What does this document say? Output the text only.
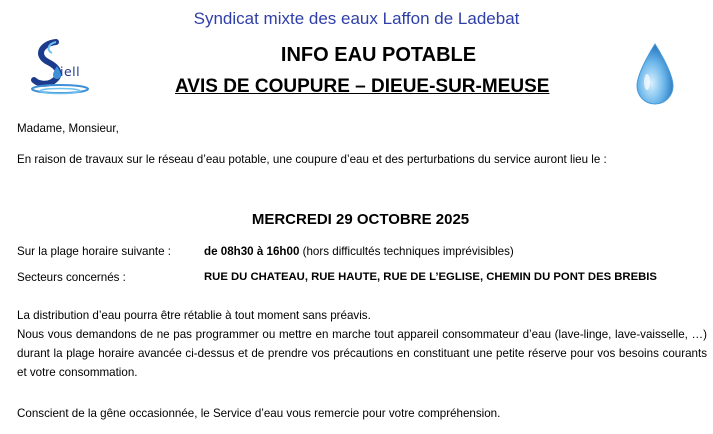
Syndicat mixte des eaux Laffon de Ladebat
iell
INFO EAU POTABLE
AVIS DE COUPURE – DIEUE-SUR-MEUSE
Madame, Monsieur,
En raison de travaux sur le réseau d’eau potable, une coupure d’eau et des perturbations du service auront lieu le :
MERCREDI 29 OCTOBRE 2025
Sur la plage horaire suivante :	de 08h30 à 16h00 (hors difficultés techniques imprévisibles)
Secteurs concernés :	RUE DU CHATEAU, RUE HAUTE, RUE DE L’EGLISE, CHEMIN DU PONT DES BREBIS
La distribution d’eau pourra être rétablie à tout moment sans préavis.
Nous vous demandons de ne pas programmer ou mettre en marche tout appareil consommateur d’eau (lave-linge, lave-vaisselle, …) durant la plage horaire avancée ci-dessus et de prendre vos précautions en constituant une petite réserve pour vos besoins courants et votre consommation.
Conscient de la gêne occasionnée, le Service d’eau vous remercie pour votre compréhension.
